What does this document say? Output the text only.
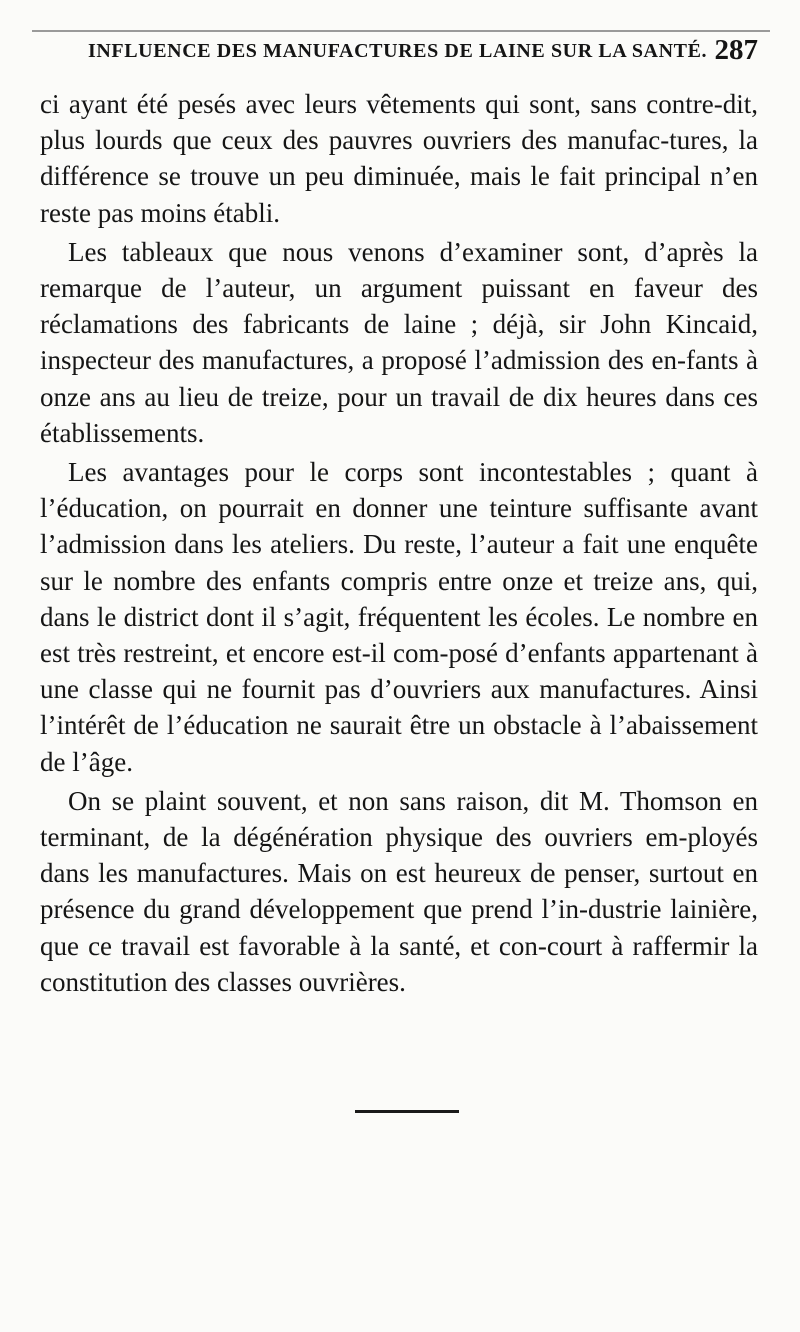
INFLUENCE DES MANUFACTURES DE LAINE SUR LA SANTÉ. 287

ci ayant été pesés avec leurs vêtements qui sont, sans contre-dit, plus lourds que ceux des pauvres ouvriers des manufac-tures, la différence se trouve un peu diminuée, mais le fait principal n’en reste pas moins établi.

Les tableaux que nous venons d’examiner sont, d’après la remarque de l’auteur, un argument puissant en faveur des réclamations des fabricants de laine ; déjà, sir John Kincaid, inspecteur des manufactures, a proposé l’admission des en-fants à onze ans au lieu de treize, pour un travail de dix heures dans ces établissements.

Les avantages pour le corps sont incontestables ; quant à l’éducation, on pourrait en donner une teinture suffisante avant l’admission dans les ateliers. Du reste, l’auteur a fait une enquête sur le nombre des enfants compris entre onze et treize ans, qui, dans le district dont il s’agit, fréquentent les écoles. Le nombre en est très restreint, et encore est-il com-posé d’enfants appartenant à une classe qui ne fournit pas d’ouvriers aux manufactures. Ainsi l’intérêt de l’éducation ne saurait être un obstacle à l’abaissement de l’âge.

On se plaint souvent, et non sans raison, dit M. Thomson en terminant, de la dégénération physique des ouvriers em-ployés dans les manufactures. Mais on est heureux de penser, surtout en présence du grand développement que prend l’in-dustrie lainière, que ce travail est favorable à la santé, et con-court à raffermir la constitution des classes ouvrières.
